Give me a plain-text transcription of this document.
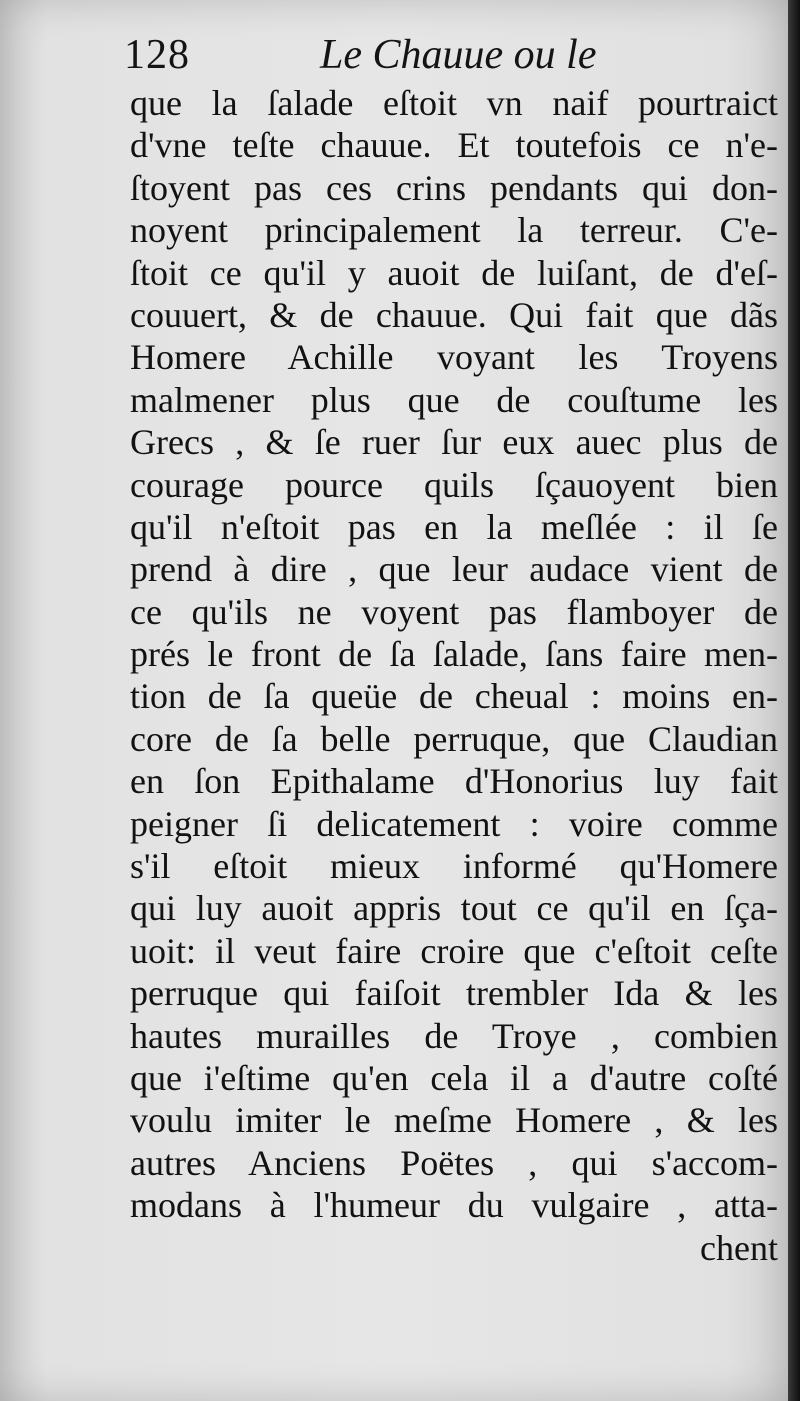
128	Le Chauue ou le
que la ſalade eſtoit vn naif pourtraict
d'vne teſte chauue. Et toutefois ce n'e-
ſtoyent pas ces crins pendants qui don-
noyent principalement la terreur. C'e-
ſtoit ce qu'il y auoit de luiſant, de d'eſ-
couuert, & de chauue. Qui fait que dãs
Homere Achille voyant les Troyens
malmener plus que de couſtume les
Grecs , & ſe ruer ſur eux auec plus de
courage pource quils ſçauoyent bien
qu'il n'eſtoit pas en la meſlée : il ſe
prend à dire , que leur audace vient de
ce qu'ils ne voyent pas flamboyer de
prés le front de ſa ſalade, ſans faire men-
tion de ſa queüe de cheual : moins en-
core de ſa belle perruque, que Claudian
en ſon Epithalame d'Honorius luy fait
peigner ſi delicatement : voire comme
s'il eſtoit mieux informé qu'Homere
qui luy auoit appris tout ce qu'il en ſça-
uoit: il veut faire croire que c'eſtoit ceſte
perruque qui faiſoit trembler Ida & les
hautes murailles de Troye , combien
que i'eſtime qu'en cela il a d'autre coſté
voulu imiter le meſme Homere , & les
autres Anciens Poëtes , qui s'accom-
modans à l'humeur du vulgaire , atta-
chent
